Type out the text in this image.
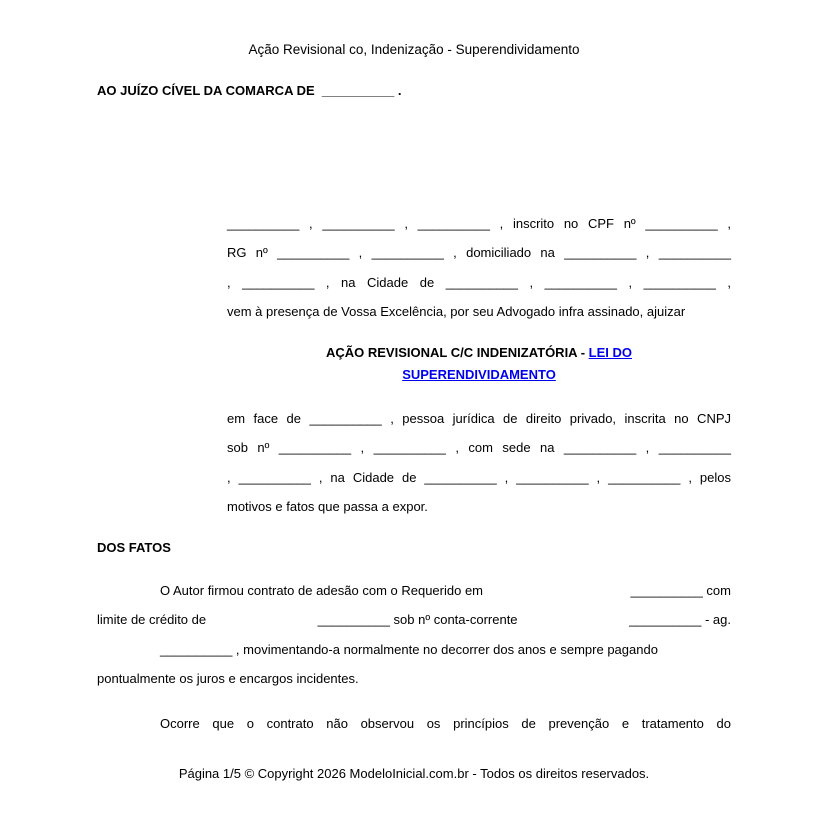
Ação Revisional co, Indenização - Superendividamento
AO JUÍZO CÍVEL DA COMARCA DE __________ .
__________ , __________ , __________ , inscrito no CPF nº __________ ,
RG nº __________ , __________ , domiciliado na __________ , __________
, __________ , na Cidade de __________ , __________ , __________ ,
vem à presença de Vossa Excelência, por seu Advogado infra assinado, ajuizar
AÇÃO REVISIONAL C/C INDENIZATÓRIA - LEI DO
SUPERENDIVIDAMENTO
em face de __________ , pessoa jurídica de direito privado, inscrita no CNPJ
sob nº __________ , __________ , com sede na __________ , __________
, __________ , na Cidade de __________ , __________ , __________ , pelos
motivos e fatos que passa a expor.
DOS FATOS
O Autor firmou contrato de adesão com o Requerido em	__________ com
limite de crédito de	__________ sob nº conta-corrente	__________ - ag.
__________ , movimentando-a normalmente no decorrer dos anos e sempre pagando
pontualmente os juros e encargos incidentes.
Ocorre que o contrato não observou os princípios de prevenção e tratamento do
Página 1/5 © Copyright 2026 ModeloInicial.com.br - Todos os direitos reservados.
